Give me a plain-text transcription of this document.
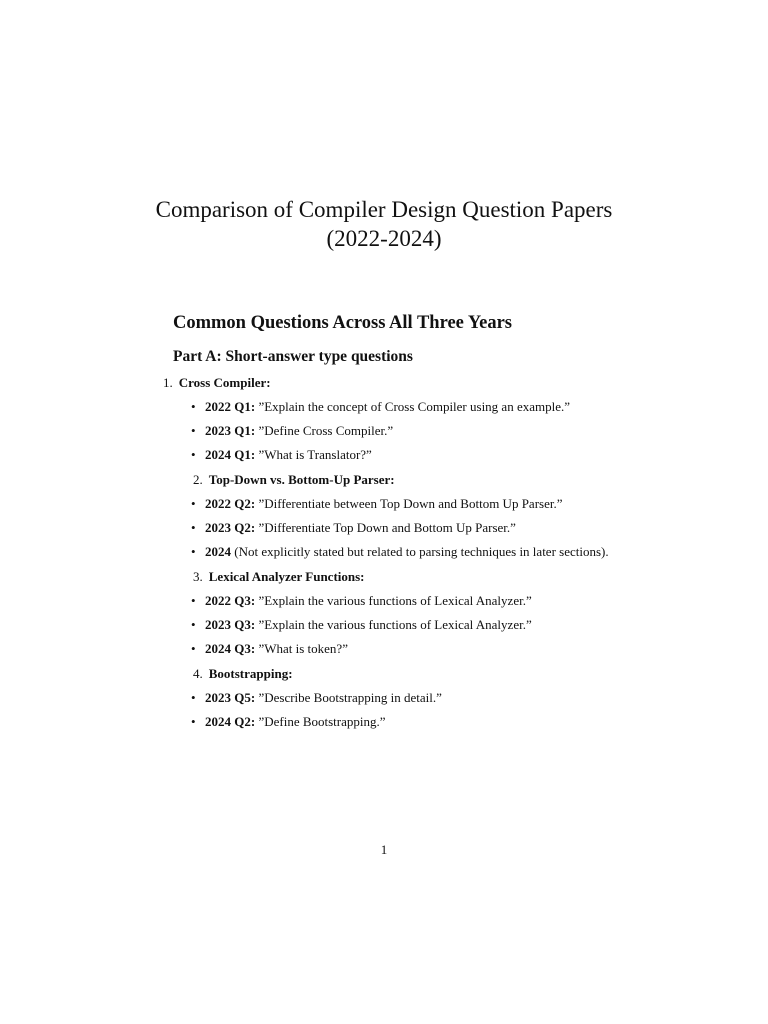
Comparison of Compiler Design Question Papers
(2022-2024)
Common Questions Across All Three Years
Part A: Short-answer type questions
1. Cross Compiler:
• 2022 Q1: ”Explain the concept of Cross Compiler using an example.”
• 2023 Q1: ”Define Cross Compiler.”
• 2024 Q1: ”What is Translator?”
2. Top-Down vs. Bottom-Up Parser:
• 2022 Q2: ”Differentiate between Top Down and Bottom Up Parser.”
• 2023 Q2: ”Differentiate Top Down and Bottom Up Parser.”
• 2024 (Not explicitly stated but related to parsing techniques in later sections).
3. Lexical Analyzer Functions:
• 2022 Q3: ”Explain the various functions of Lexical Analyzer.”
• 2023 Q3: ”Explain the various functions of Lexical Analyzer.”
• 2024 Q3: ”What is token?”
4. Bootstrapping:
• 2023 Q5: ”Describe Bootstrapping in detail.”
• 2024 Q2: ”Define Bootstrapping.”
1
